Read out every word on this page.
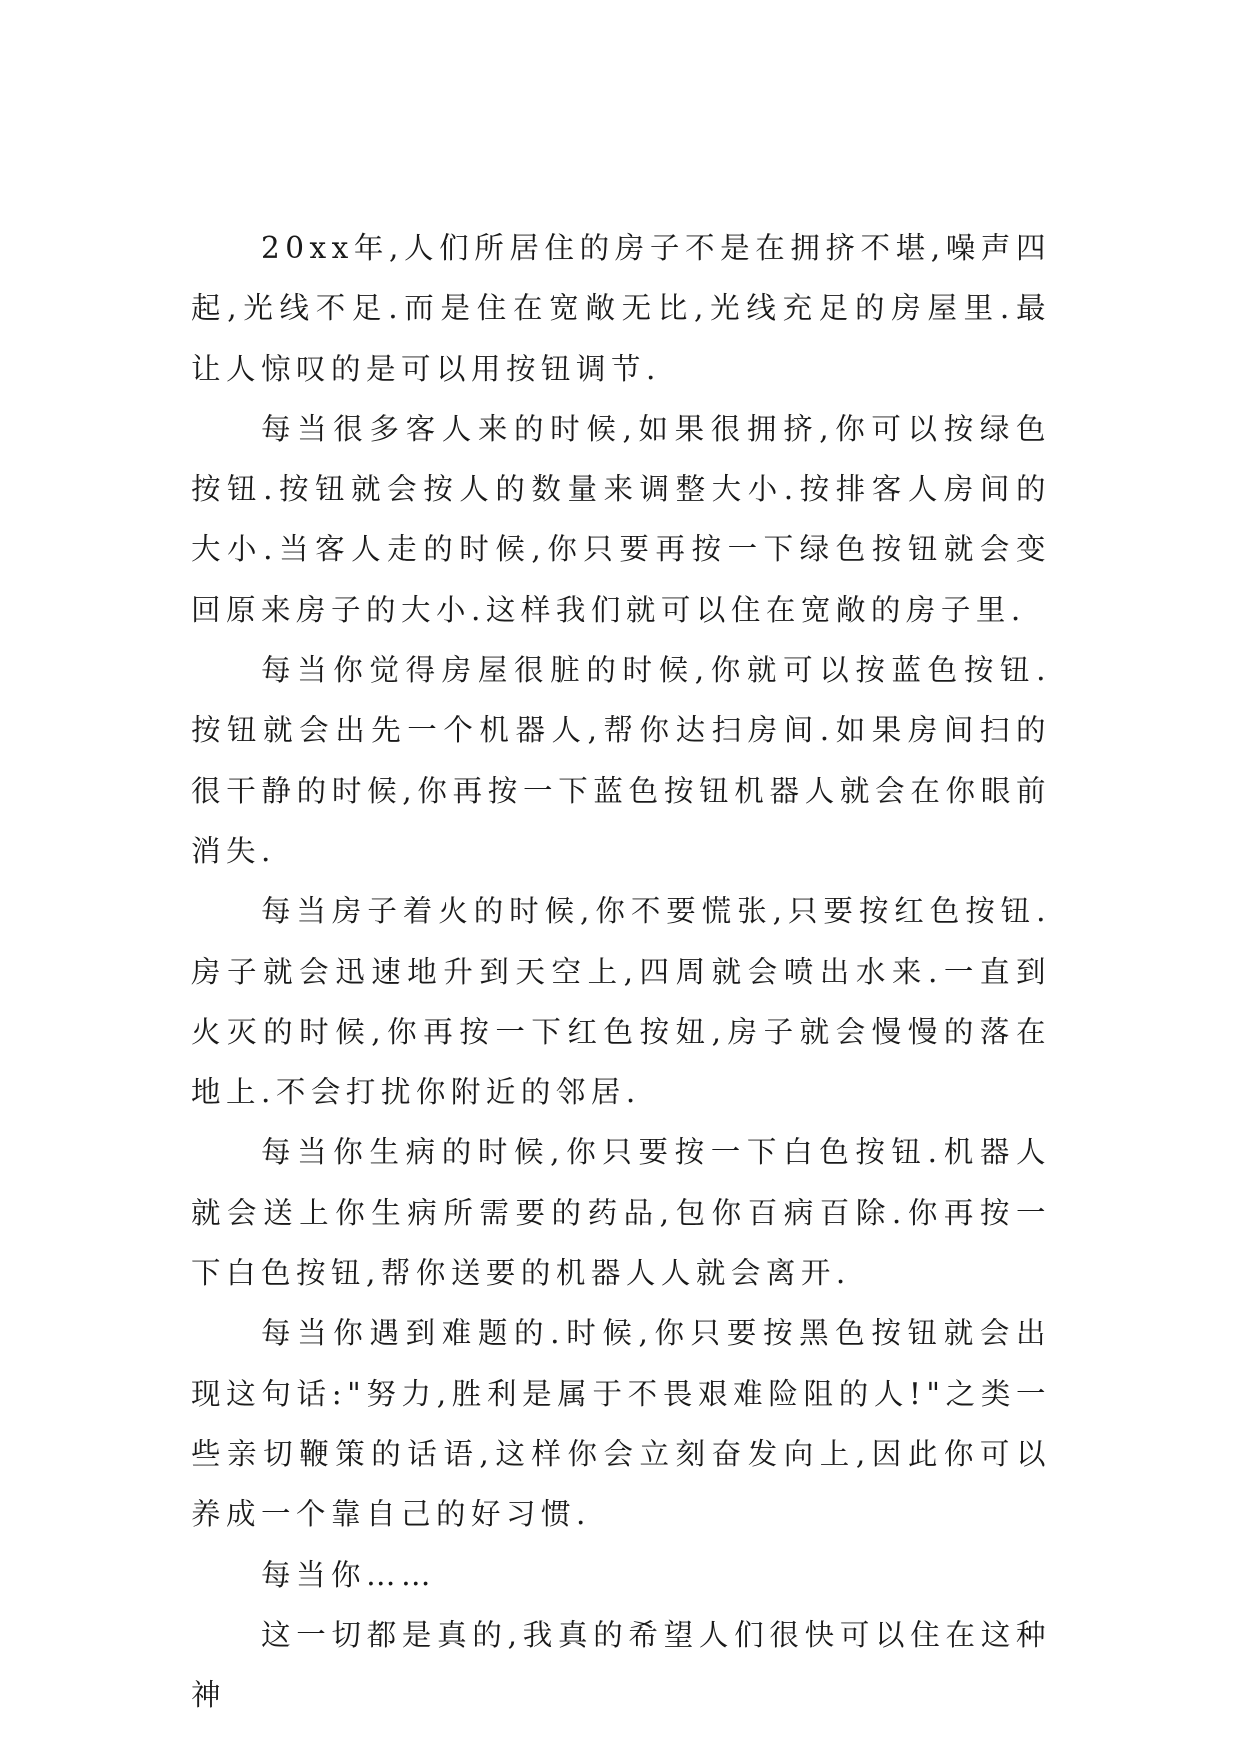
20xx年,人们所居住的房子不是在拥挤不堪,噪声四起,光线不足.而是住在宽敞无比,光线充足的房屋里.最让人惊叹的是可以用按钮调节.

每当很多客人来的时候,如果很拥挤,你可以按绿色按钮.按钮就会按人的数量来调整大小.按排客人房间的大小.当客人走的时候,你只要再按一下绿色按钮就会变回原来房子的大小.这样我们就可以住在宽敞的房子里.

每当你觉得房屋很脏的时候,你就可以按蓝色按钮.按钮就会出先一个机器人,帮你达扫房间.如果房间扫的很干静的时候,你再按一下蓝色按钮机器人就会在你眼前消失.

每当房子着火的时候,你不要慌张,只要按红色按钮.房子就会迅速地升到天空上,四周就会喷出水来.一直到火灭的时候,你再按一下红色按妞,房子就会慢慢的落在地上.不会打扰你附近的邻居.

每当你生病的时候,你只要按一下白色按钮.机器人就会送上你生病所需要的药品,包你百病百除.你再按一下白色按钮,帮你送要的机器人人就会离开.

每当你遇到难题的.时候,你只要按黑色按钮就会出现这句话:"努力,胜利是属于不畏艰难险阻的人!"之类一些亲切鞭策的话语,这样你会立刻奋发向上,因此你可以养成一个靠自己的好习惯.

每当你……

这一切都是真的,我真的希望人们很快可以住在这种神
